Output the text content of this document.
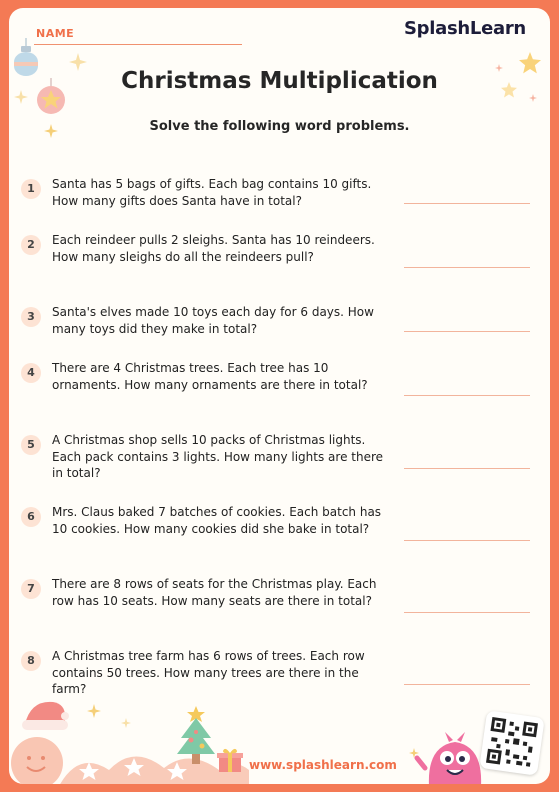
NAME	SplashLearn
Christmas Multiplication
Solve the following word problems.
1	Santa has 5 bags of gifts. Each bag contains 10 gifts. How many gifts does Santa have in total?
2	Each reindeer pulls 2 sleighs. Santa has 10 reindeers. How many sleighs do all the reindeers pull?
3	Santa's elves made 10 toys each day for 6 days. How many toys did they make in total?
4	There are 4 Christmas trees. Each tree has 10 ornaments. How many ornaments are there in total?
5	A Christmas shop sells 10 packs of Christmas lights. Each pack contains 3 lights. How many lights are there in total?
6	Mrs. Claus baked 7 batches of cookies. Each batch has 10 cookies. How many cookies did she bake in total?
7	There are 8 rows of seats for the Christmas play. Each row has 10 seats. How many seats are there in total?
8	A Christmas tree farm has 6 rows of trees. Each row contains 50 trees. How many trees are there in the farm?
www.splashlearn.com
